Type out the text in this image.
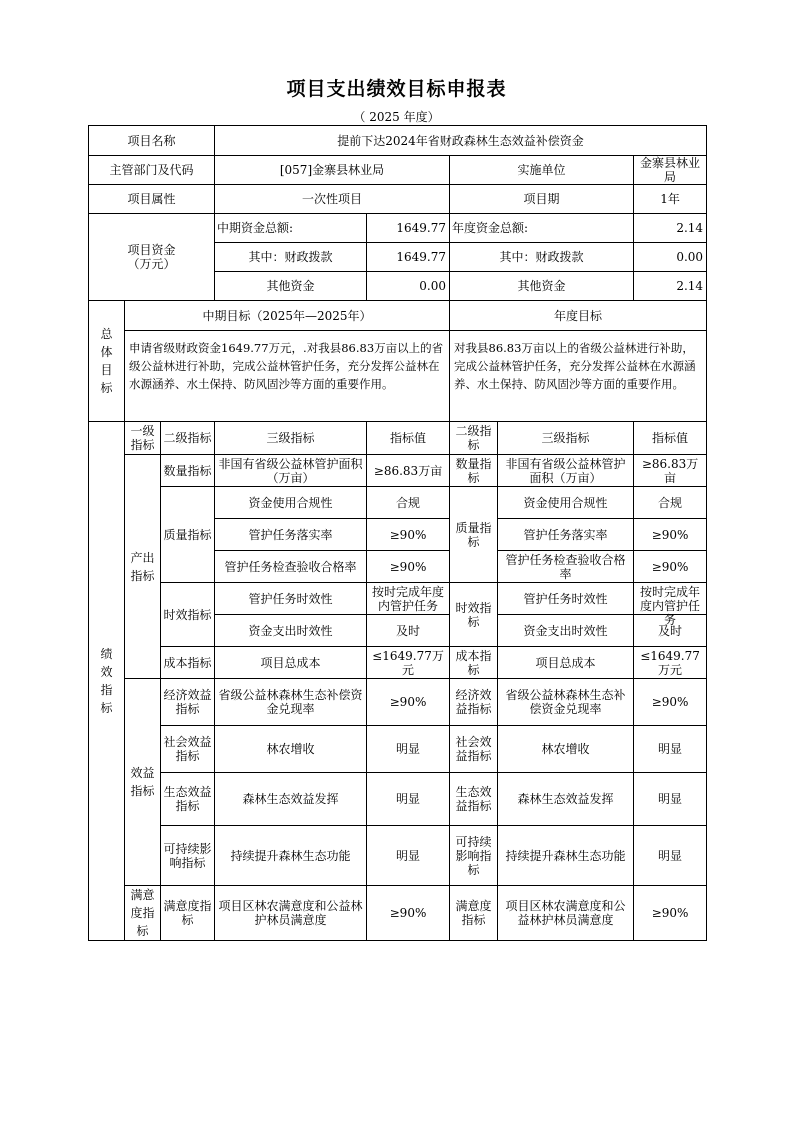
项目支出绩效目标申报表
（ 2025 年度）
项目名称			提前下达2024年省财政森林生态效益补偿资金				
主管部门及代码			[057]金寨县林业局		实施单位		金寨县林业局
项目属性			一次性项目		项目期		1年

项目资金
（万元）			中期资金总额:	1649.77	年度资金总额:		2.14
			其中：财政拨款	1649.77	其中：财政拨款		0.00
			其他资金	0.00	其他资金		2.14
总体目标	中期目标（2025年—2025年）				年度目标		
	申请省级财政资金1649.77万元，.对我县86.83万亩以上的省级公益林进行补助，完成公益林管护任务，充分发挥公益林在水源涵养、水土保持、防风固沙等方面的重要作用。				对我县86.83万亩以上的省级公益林进行补助，完成公益林管护任务，充分发挥公益林在水源涵养、水土保持、防风固沙等方面的重要作用。		
绩效指标	一级指标	二级指标	三级指标	指标值	二级指标	三级指标	指标值
	产出指标	数量指标	非国有省级公益林管护面积（万亩）	≥86.83万亩	数量指标	非国有省级公益林管护面积（万亩）	≥86.83万亩

		质量指标	资金使用合规性	合规	质量指标	资金使用合规性	合规
			管护任务落实率	≥90%		管护任务落实率	≥90%
			管护任务检查验收合格率	≥90%		管护任务检查验收合格率	≥90%
		时效指标	管护任务时效性	按时完成年度内管护任务	时效指标	管护任务时效性	按时完成年度内管护任务

			资金支出时效性	及时		资金支出时效性	及时
		成本指标	项目总成本	≤1649.77万元	成本指标	项目总成本	≤1649.77万元

	效益指标	经济效益指标	省级公益林森林生态补偿资金兑现率	≥90%	经济效益指标	省级公益林森林生态补偿资金兑现率	≥90%
		社会效益指标	林农增收	明显	社会效益指标	林农增收	明显
		生态效益指标	森林生态效益发挥	明显	生态效益指标	森林生态效益发挥	明显
		可持续影响指标	持续提升森林生态功能	明显	可持续影响指标	持续提升森林生态功能	明显
	满意度指标	满意度指标	项目区林农满意度和公益林护林员满意度	≥90%	满意度指标	项目区林农满意度和公益林护林员满意度	≥90%
